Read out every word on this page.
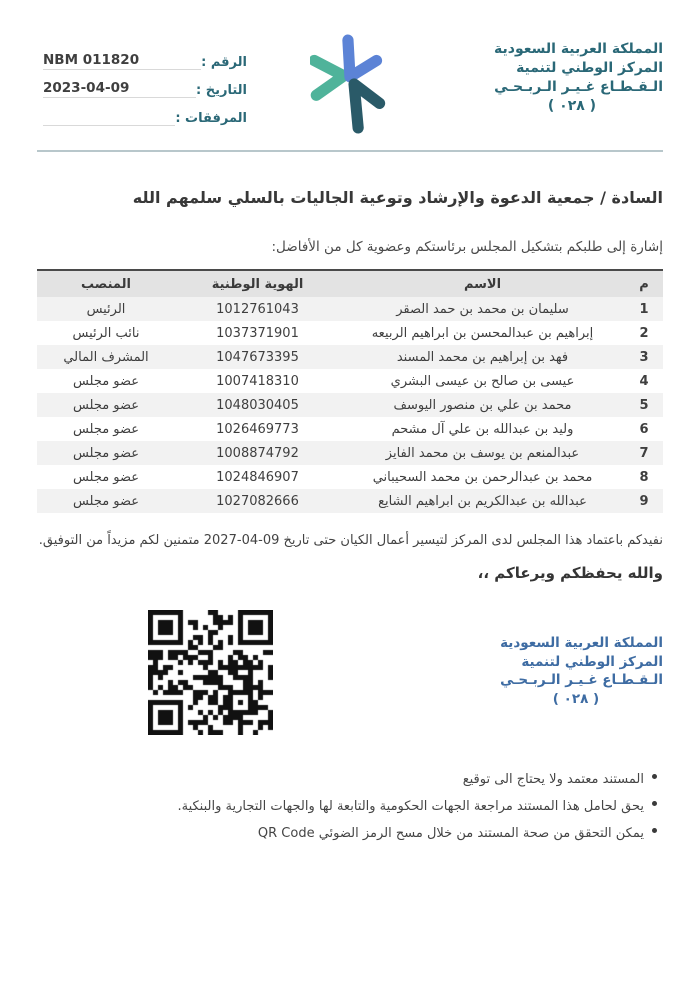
الرقم :
NBM 011820
التاريخ :
2023-04-09
المرفقات :
المملكة العربية السعودية
المركز الوطني لتنمية
الـقـطـاع غـيـر الـربـحـي
( ٠٢٨ )
السادة / جمعية الدعوة والإرشاد وتوعية الجاليات بالسلي سلمهم الله
إشارة إلى طلبكم بتشكيل المجلس برئاستكم وعضوية كل من الأفاضل:
م	الاسم	الهوية الوطنية	المنصب
1	سليمان بن محمد بن حمد الصقر	1012761043	الرئيس
2	إبراهيم بن عبدالمحسن بن ابراهيم الربيعه	1037371901	نائب الرئيس
3	فهد بن إبراهيم بن محمد المسند	1047673395	المشرف المالي
4	عيسى بن صالح بن عيسى البشري	1007418310	عضو مجلس
5	محمد بن علي بن منصور اليوسف	1048030405	عضو مجلس
6	وليد بن عبدالله بن علي آل مشحم	1026469773	عضو مجلس
7	عبدالمنعم بن يوسف بن محمد الفايز	1008874792	عضو مجلس
8	محمد بن عبدالرحمن بن محمد السحيباني	1024846907	عضو مجلس
9	عبدالله بن عبدالكريم بن ابراهيم الشايع	1027082666	عضو مجلس
نفيدكم باعتماد هذا المجلس لدى المركز لتيسير أعمال الكيان حتى تاريخ 09-04-2027 متمنين لكم مزيداً من التوفيق.
والله يحفظكم ويرعاكم ،،
المملكة العربية السعودية
المركز الوطني لتنمية
الـقـطـاع غـيـر الـربـحـي
( ٠٢٨ )
المستند معتمد ولا يحتاج الى توقيع
يحق لحامل هذا المستند مراجعة الجهات الحكومية والتابعة لها والجهات التجارية والبنكية.
يمكن التحقق من صحة المستند من خلال مسح الرمز الضوئي QR Code
